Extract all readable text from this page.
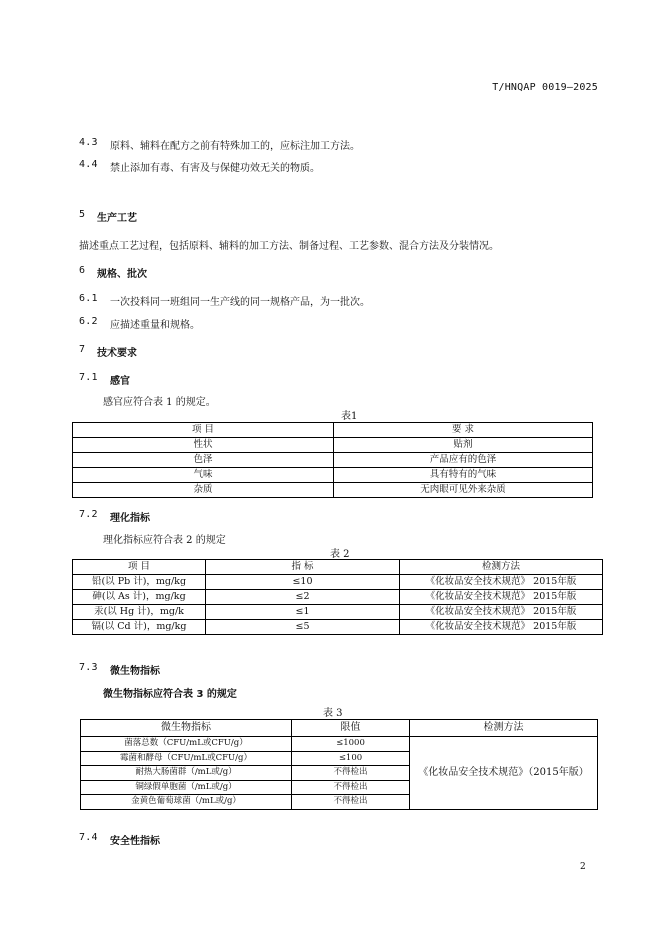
T/HNQAP 0019—2025
4.3 原料、辅料在配方之前有特殊加工的，应标注加工方法。
4.4 禁止添加有毒、有害及与保健功效无关的物质。
5 生产工艺
描述重点工艺过程，包括原料、辅料的加工方法、制备过程、工艺参数、混合方法及分装情况。
6 规格、批次
6.1 一次投料同一班组同一生产线的同一规格产品，为一批次。
6.2 应描述重量和规格。
7 技术要求
7.1 感官
感官应符合表 1 的规定。
表1
项 目	要 求
性状	贴剂
色泽	产品应有的色泽
气味	具有特有的气味
杂质	无肉眼可见外来杂质
7.2 理化指标
理化指标应符合表 2 的规定
表 2
项 目	指 标	检测方法
铅(以 Pb 计)，mg/kg	≤10	《化妆品安全技术规范》 2015年版
砷(以 As 计)，mg/kg	≤2	《化妆品安全技术规范》 2015年版
汞(以 Hg 计)，mg/k	≤1	《化妆品安全技术规范》 2015年版
镉(以 Cd 计)，mg/kg	≤5	《化妆品安全技术规范》 2015年版
7.3 微生物指标
微生物指标应符合表 3 的规定
表 3
微生物指标	限值	检测方法
菌落总数（CFU/mL或CFU/g）	≤1000	《化妆品安全技术规范》（2015年版）
霉菌和酵母（CFU/mL或CFU/g）	≤100	
耐热大肠菌群（/mL或/g）	不得检出	
铜绿假单胞菌（/mL或/g）	不得检出	
金黄色葡萄球菌（/mL或/g）	不得检出	
7.4 安全性指标
2
